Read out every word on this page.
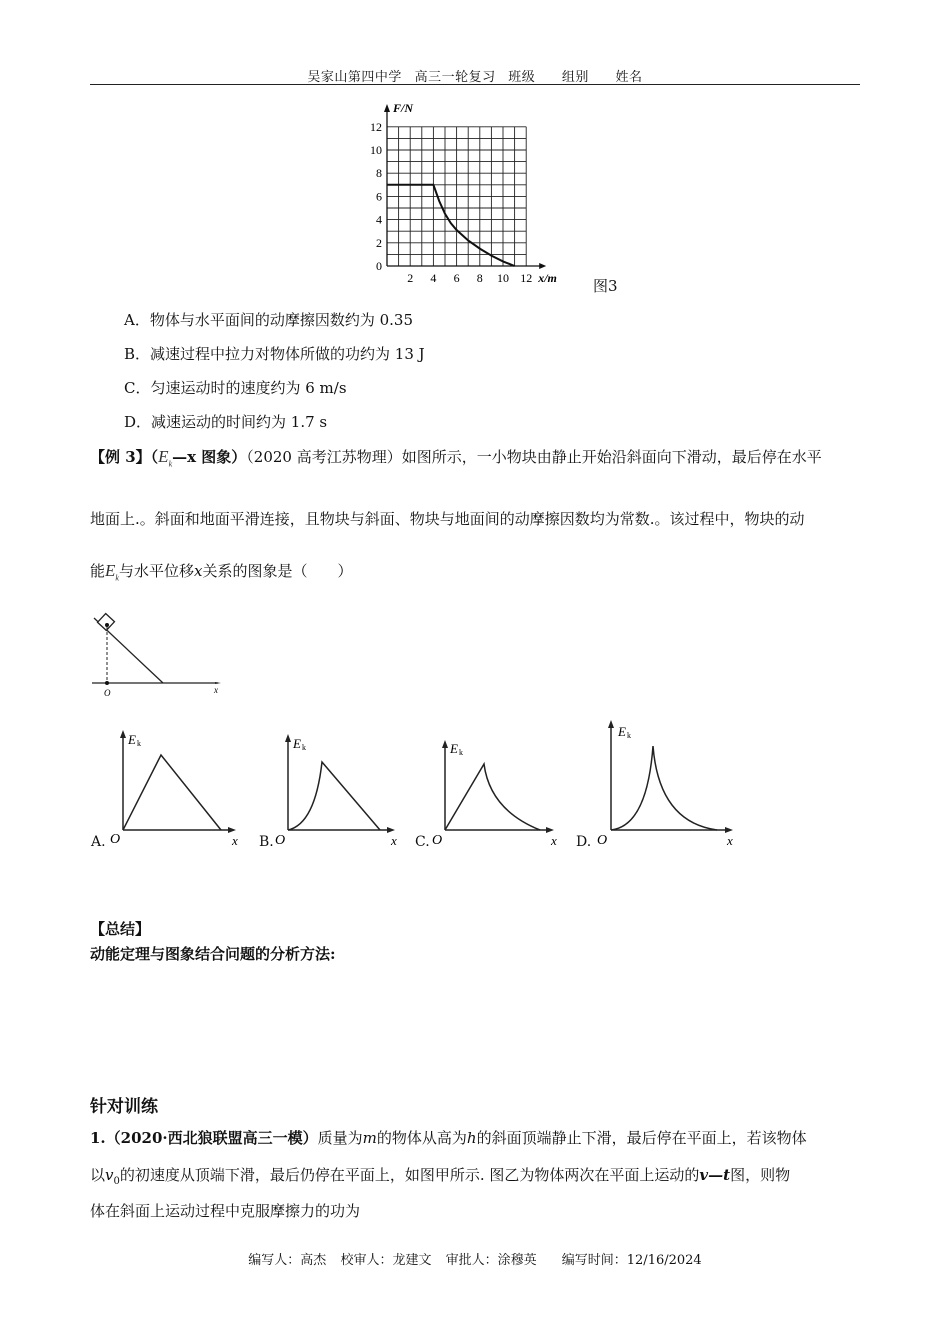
吴家山第四中学 高三一轮复习 班级 组别 姓名
0
2
4
6
8
10
12
2 4 6 8 10 12
F/N
x/m 图3
A．物体与水平面间的动摩擦因数约为 0.35
B．减速过程中拉力对物体所做的功约为 13 J
C．匀速运动时的速度约为 6 m/s
D．减速运动的时间约为 1.7 s
【例 3】（$E_k—x$ 图象）（2020 高考江苏物理）如图所示，一小物块由静止开始沿斜面向下滑动，最后停在水平
地面上.。斜面和地面平滑连接，且物块与斜面、物块与地面间的动摩擦因数均为常数.。该过程中，物块的动
能$E_k$与水平位移x关系的图象是（　　）
O	x
E k
O	x
A.
E k
O	x
B.
E k
O	x
C.
E k
O	x
D.
【总结】
动能定理与图象结合问题的分析方法:
针对训练
1.（2020·西北狼联盟高三一模）质量为m的物体从高为h的斜面顶端静止下滑，最后停在平面上，若该物体
以$v_0$的初速度从顶端下滑，最后仍停在平面上，如图甲所示. 图乙为物体两次在平面上运动的v—t图，则物
体在斜面上运动过程中克服摩擦力的功为
编写人：高杰 校审人：龙建文 审批人：涂穆英 编写时间：12/16/2024
